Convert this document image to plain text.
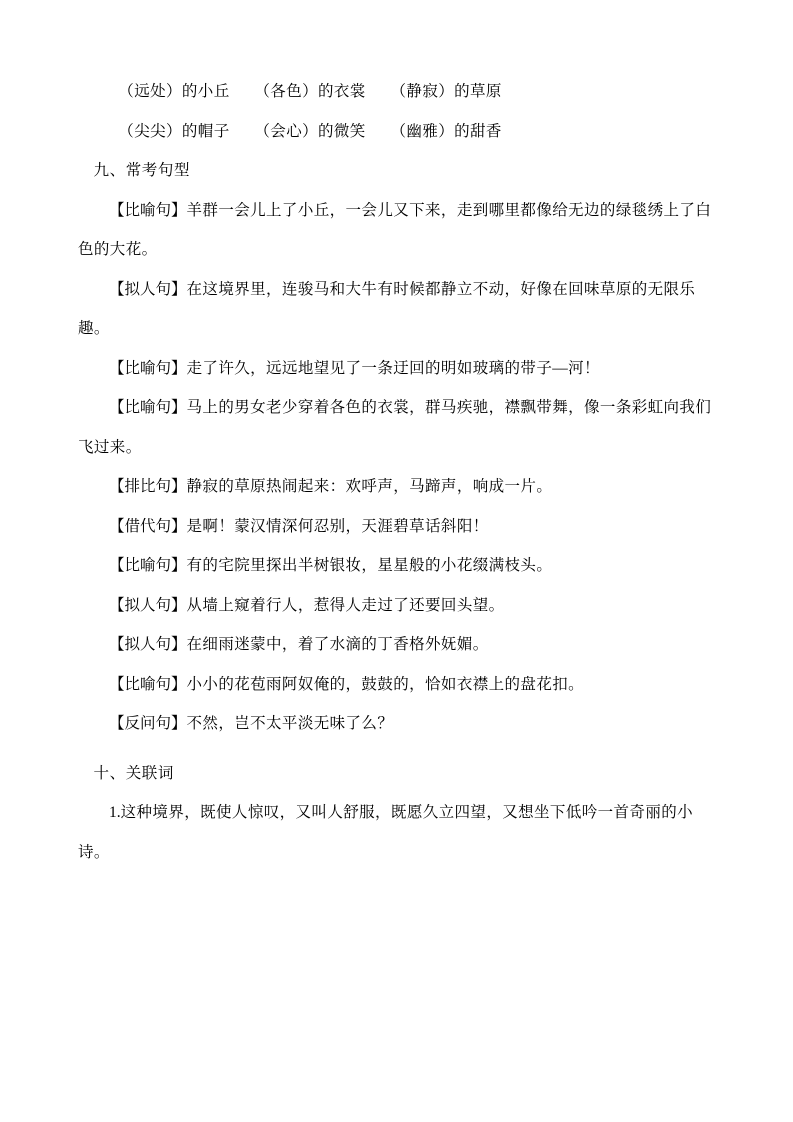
（远处）的小丘 （各色）的衣裳 （静寂）的草原

（尖尖）的帽子 （会心）的微笑 （幽雅）的甜香

九、常考句型

【比喻句】羊群一会儿上了小丘，一会儿又下来，走到哪里都像给无边的绿毯绣上了白色的大花。

【拟人句】在这境界里，连骏马和大牛有时候都静立不动，好像在回味草原的无限乐趣。

【比喻句】走了许久，远远地望见了一条迂回的明如玻璃的带子—河！

【比喻句】马上的男女老少穿着各色的衣裳，群马疾驰，襟飘带舞，像一条彩虹向我们飞过来。

【排比句】静寂的草原热闹起来：欢呼声，马蹄声，响成一片。

【借代句】是啊！蒙汉情深何忍别，天涯碧草话斜阳！

【比喻句】有的宅院里探出半树银妆，星星般的小花缀满枝头。

【拟人句】从墙上窥着行人，惹得人走过了还要回头望。

【拟人句】在细雨迷蒙中，着了水滴的丁香格外妩媚。

【比喻句】小小的花苞雨阿奴俺的，鼓鼓的，恰如衣襟上的盘花扣。

【反问句】不然，岂不太平淡无味了么？

十、关联词

1.这种境界，既使人惊叹，又叫人舒服，既愿久立四望，又想坐下低吟一首奇丽的小诗。
